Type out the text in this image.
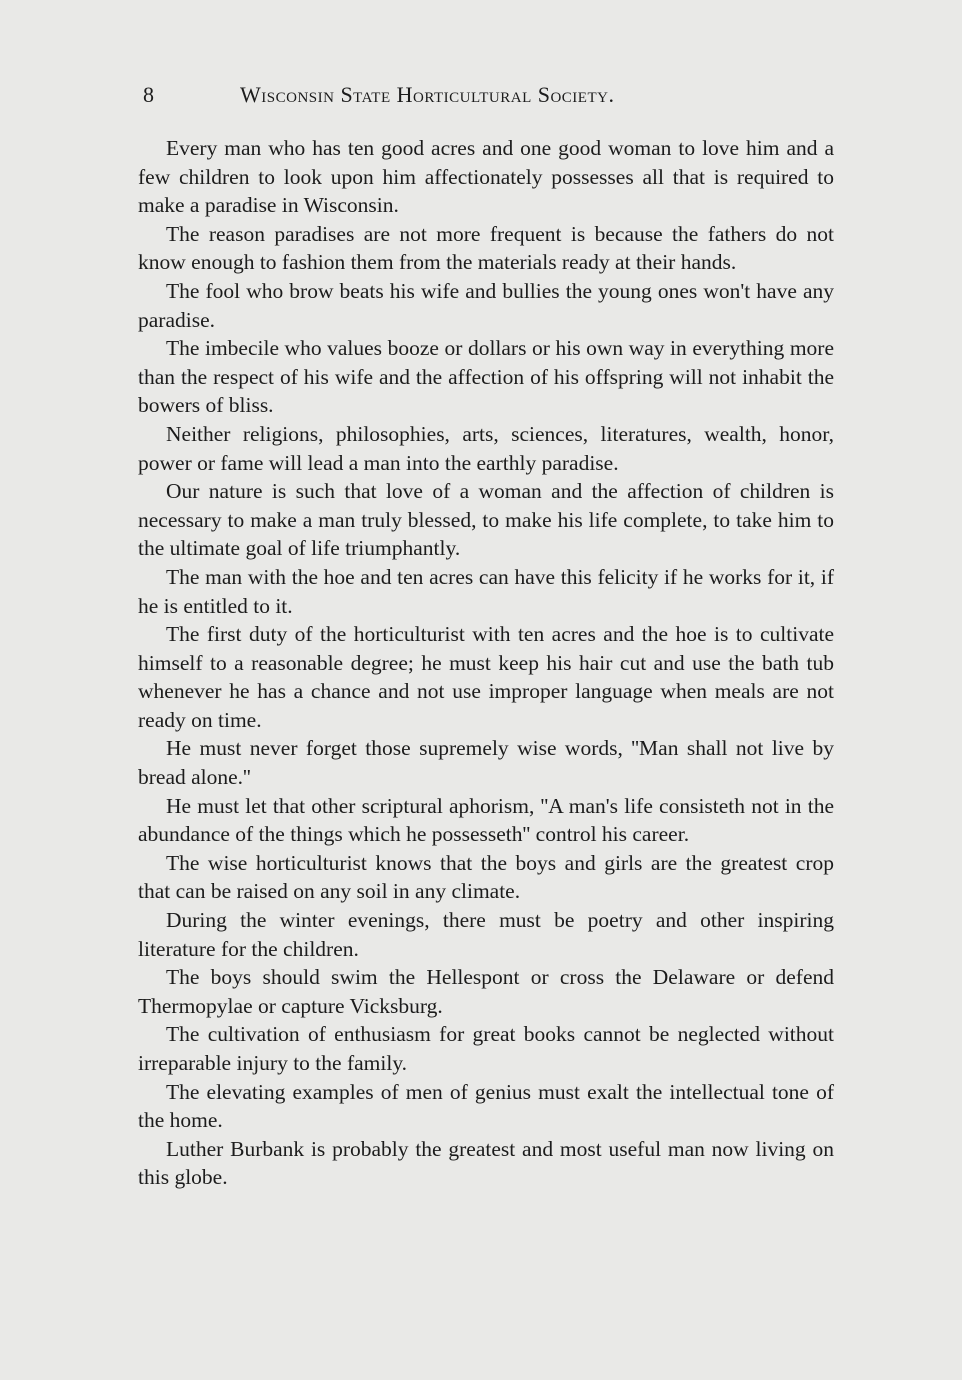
8	Wisconsin State Horticultural Society.

Every man who has ten good acres and one good woman to love him and a few children to look upon him affectionately possesses all that is required to make a paradise in Wisconsin.

The reason paradises are not more frequent is because the fathers do not know enough to fashion them from the materials ready at their hands.

The fool who brow beats his wife and bullies the young ones won't have any paradise.

The imbecile who values booze or dollars or his own way in everything more than the respect of his wife and the affection of his offspring will not inhabit the bowers of bliss.

Neither religions, philosophies, arts, sciences, literatures, wealth, honor, power or fame will lead a man into the earthly paradise.

Our nature is such that love of a woman and the affection of children is necessary to make a man truly blessed, to make his life complete, to take him to the ultimate goal of life triumphantly.

The man with the hoe and ten acres can have this felicity if he works for it, if he is entitled to it.

The first duty of the horticulturist with ten acres and the hoe is to cultivate himself to a reasonable degree; he must keep his hair cut and use the bath tub whenever he has a chance and not use improper language when meals are not ready on time.

He must never forget those supremely wise words, ''Man shall not live by bread alone.''

He must let that other scriptural aphorism, ''A man's life consisteth not in the abundance of the things which he possesseth'' control his career.

The wise horticulturist knows that the boys and girls are the greatest crop that can be raised on any soil in any climate.

During the winter evenings, there must be poetry and other inspiring literature for the children.

The boys should swim the Hellespont or cross the Delaware or defend Thermopylae or capture Vicksburg.

The cultivation of enthusiasm for great books cannot be neglected without irreparable injury to the family.

The elevating examples of men of genius must exalt the intellectual tone of the home.

Luther Burbank is probably the greatest and most useful man now living on this globe.
